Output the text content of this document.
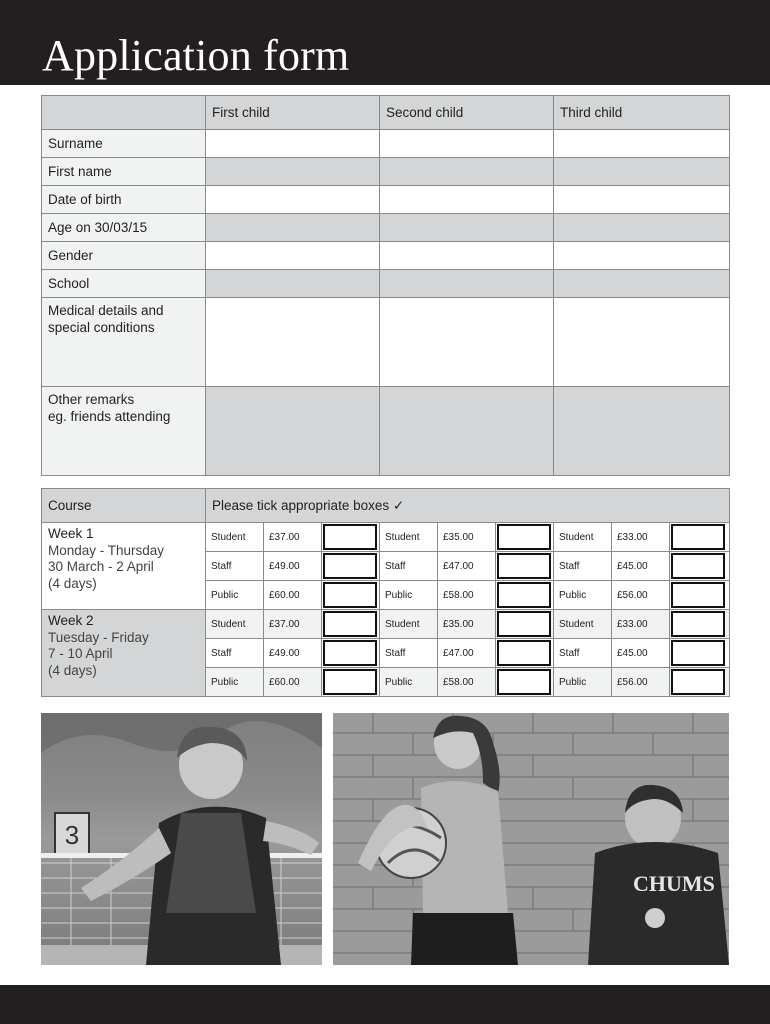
Application form
	First child	Second child	Third child
Surname			
First name			
Date of birth			
Age on 30/03/15			
Gender			
School			
Medical details and
special conditions			
Other remarks
eg. friends attending			
Course	Please tick appropriate boxes ✓								

Week 1
Monday - Thursday
30 March - 2 April
(4 days)	Student	£37.00		Student	£35.00		Student	£33.00	

	Staff	£49.00		Staff	£47.00		Staff	£45.00	

	Public	£60.00		Public	£58.00		Public	£56.00	

Week 2
Tuesday - Friday
7 - 10 April
(4 days)	Student	£37.00		Student	£35.00		Student	£33.00	

	Staff	£49.00		Staff	£47.00		Staff	£45.00	

	Public	£60.00		Public	£58.00		Public	£56.00	
3
CHUMS
